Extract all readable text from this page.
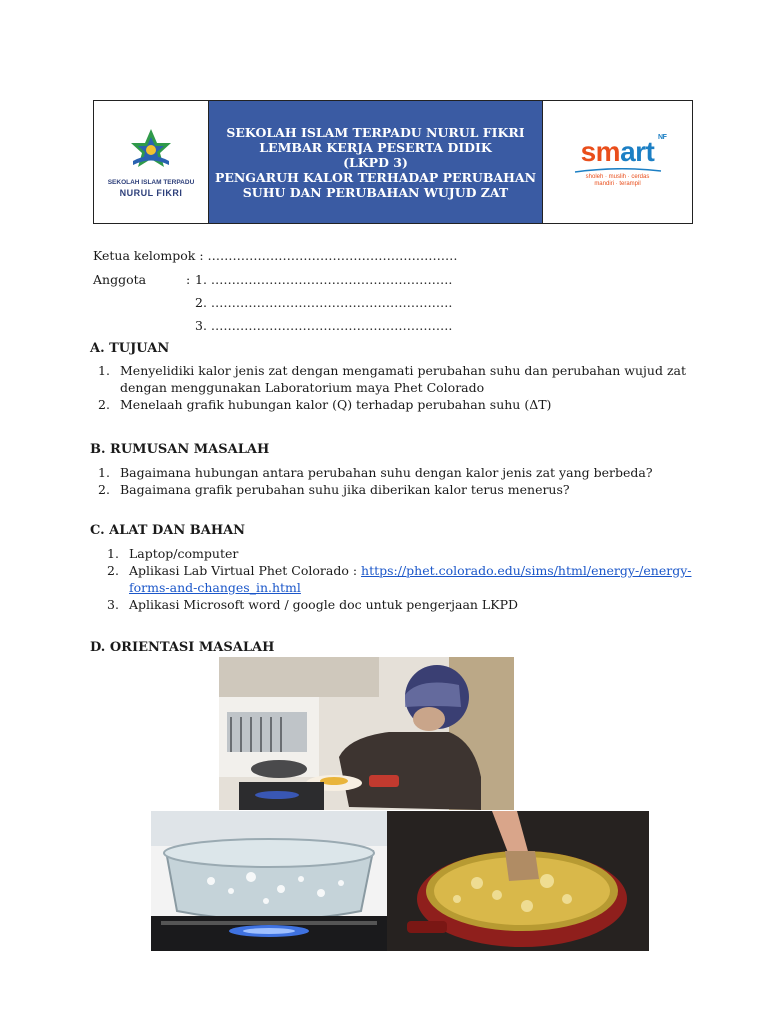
SEKOLAH ISLAM TERPADU
NURUL FIKRI
SEKOLAH ISLAM TERPADU NURUL FIKRI
LEMBAR KERJA PESERTA DIDIK
(LKPD 3)
PENGARUH KALOR TERHADAP PERUBAHAN
SUHU DAN PERUBAHAN WUJUD ZAT
smart NF
sholeh · muslih · cerdas
mandiri · terampil
Ketua kelompok : ……………………………………………………
Anggota	: 1. ………………………………………………….
2. ………………………………………………….
3. ………………………………………………….
A. TUJUAN
1. Menyelidiki kalor jenis zat dengan mengamati perubahan suhu dan perubahan wujud zat
dengan menggunakan Laboratorium maya Phet Colorado
2. Menelaah grafik hubungan kalor (Q) terhadap perubahan suhu (ΔT)
B. RUMUSAN MASALAH
1. Bagaimana hubungan antara perubahan suhu dengan kalor jenis zat yang berbeda?
2. Bagaimana grafik perubahan suhu jika diberikan kalor terus menerus?
C. ALAT DAN BAHAN
1. Laptop/computer
2. Aplikasi Lab Virtual Phet Colorado : https://phet.colorado.edu/sims/html/energy-/energy-
forms-and-changes_in.html
3. Aplikasi Microsoft word / google doc untuk pengerjaan LKPD
D. ORIENTASI MASALAH
